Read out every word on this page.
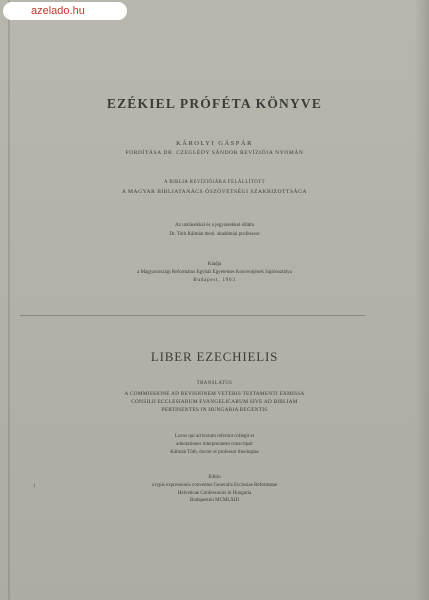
azelado.hu
EZÉKIEL PRÓFÉTA KÖNYVE
KÁROLYI GÁSPÁR
FORDÍTÁSA DR. CZEGLÉDY SÁNDOR REVÍZIÓJA NYOMÁN
A BIBLIA REVÍZIÓJÁRA FELÁLLÍTOTT
A MAGYAR BIBLIATANÁCS ÓSZÖVETSÉGI SZAKBIZOTTSÁGA
Az utalásokkal és a jegyzetekkel ellátta
Dr. Tóth Kálmán theol. akadémiai professzor
Kiadja
a Magyarországi Református Egyház Egyetemes Konventjének Sajtóosztálya
Budapest, 1963
LIBER EZECHIELIS
TRANSLATUS
A COMMISSIONE AD REVISIONEM VETERIS TESTAMENTI EXMISSA
CONSILII ECCLESIARUM EVANGELICARUM SIVE AD BIBLIAM
PERTINENTES IN HUNGARIA REGENTIS
Locos qui ad textum referunt collegit et
adnotationes interpretantes conscripsit
Kálmán Tóth, doctor et professor theologiae
Editio
a typis expressionis conventus Generalis Ecclesiae Reformatae
Helveticae Confessionis in Hungaria
Budapestini MCMLXIII
1
